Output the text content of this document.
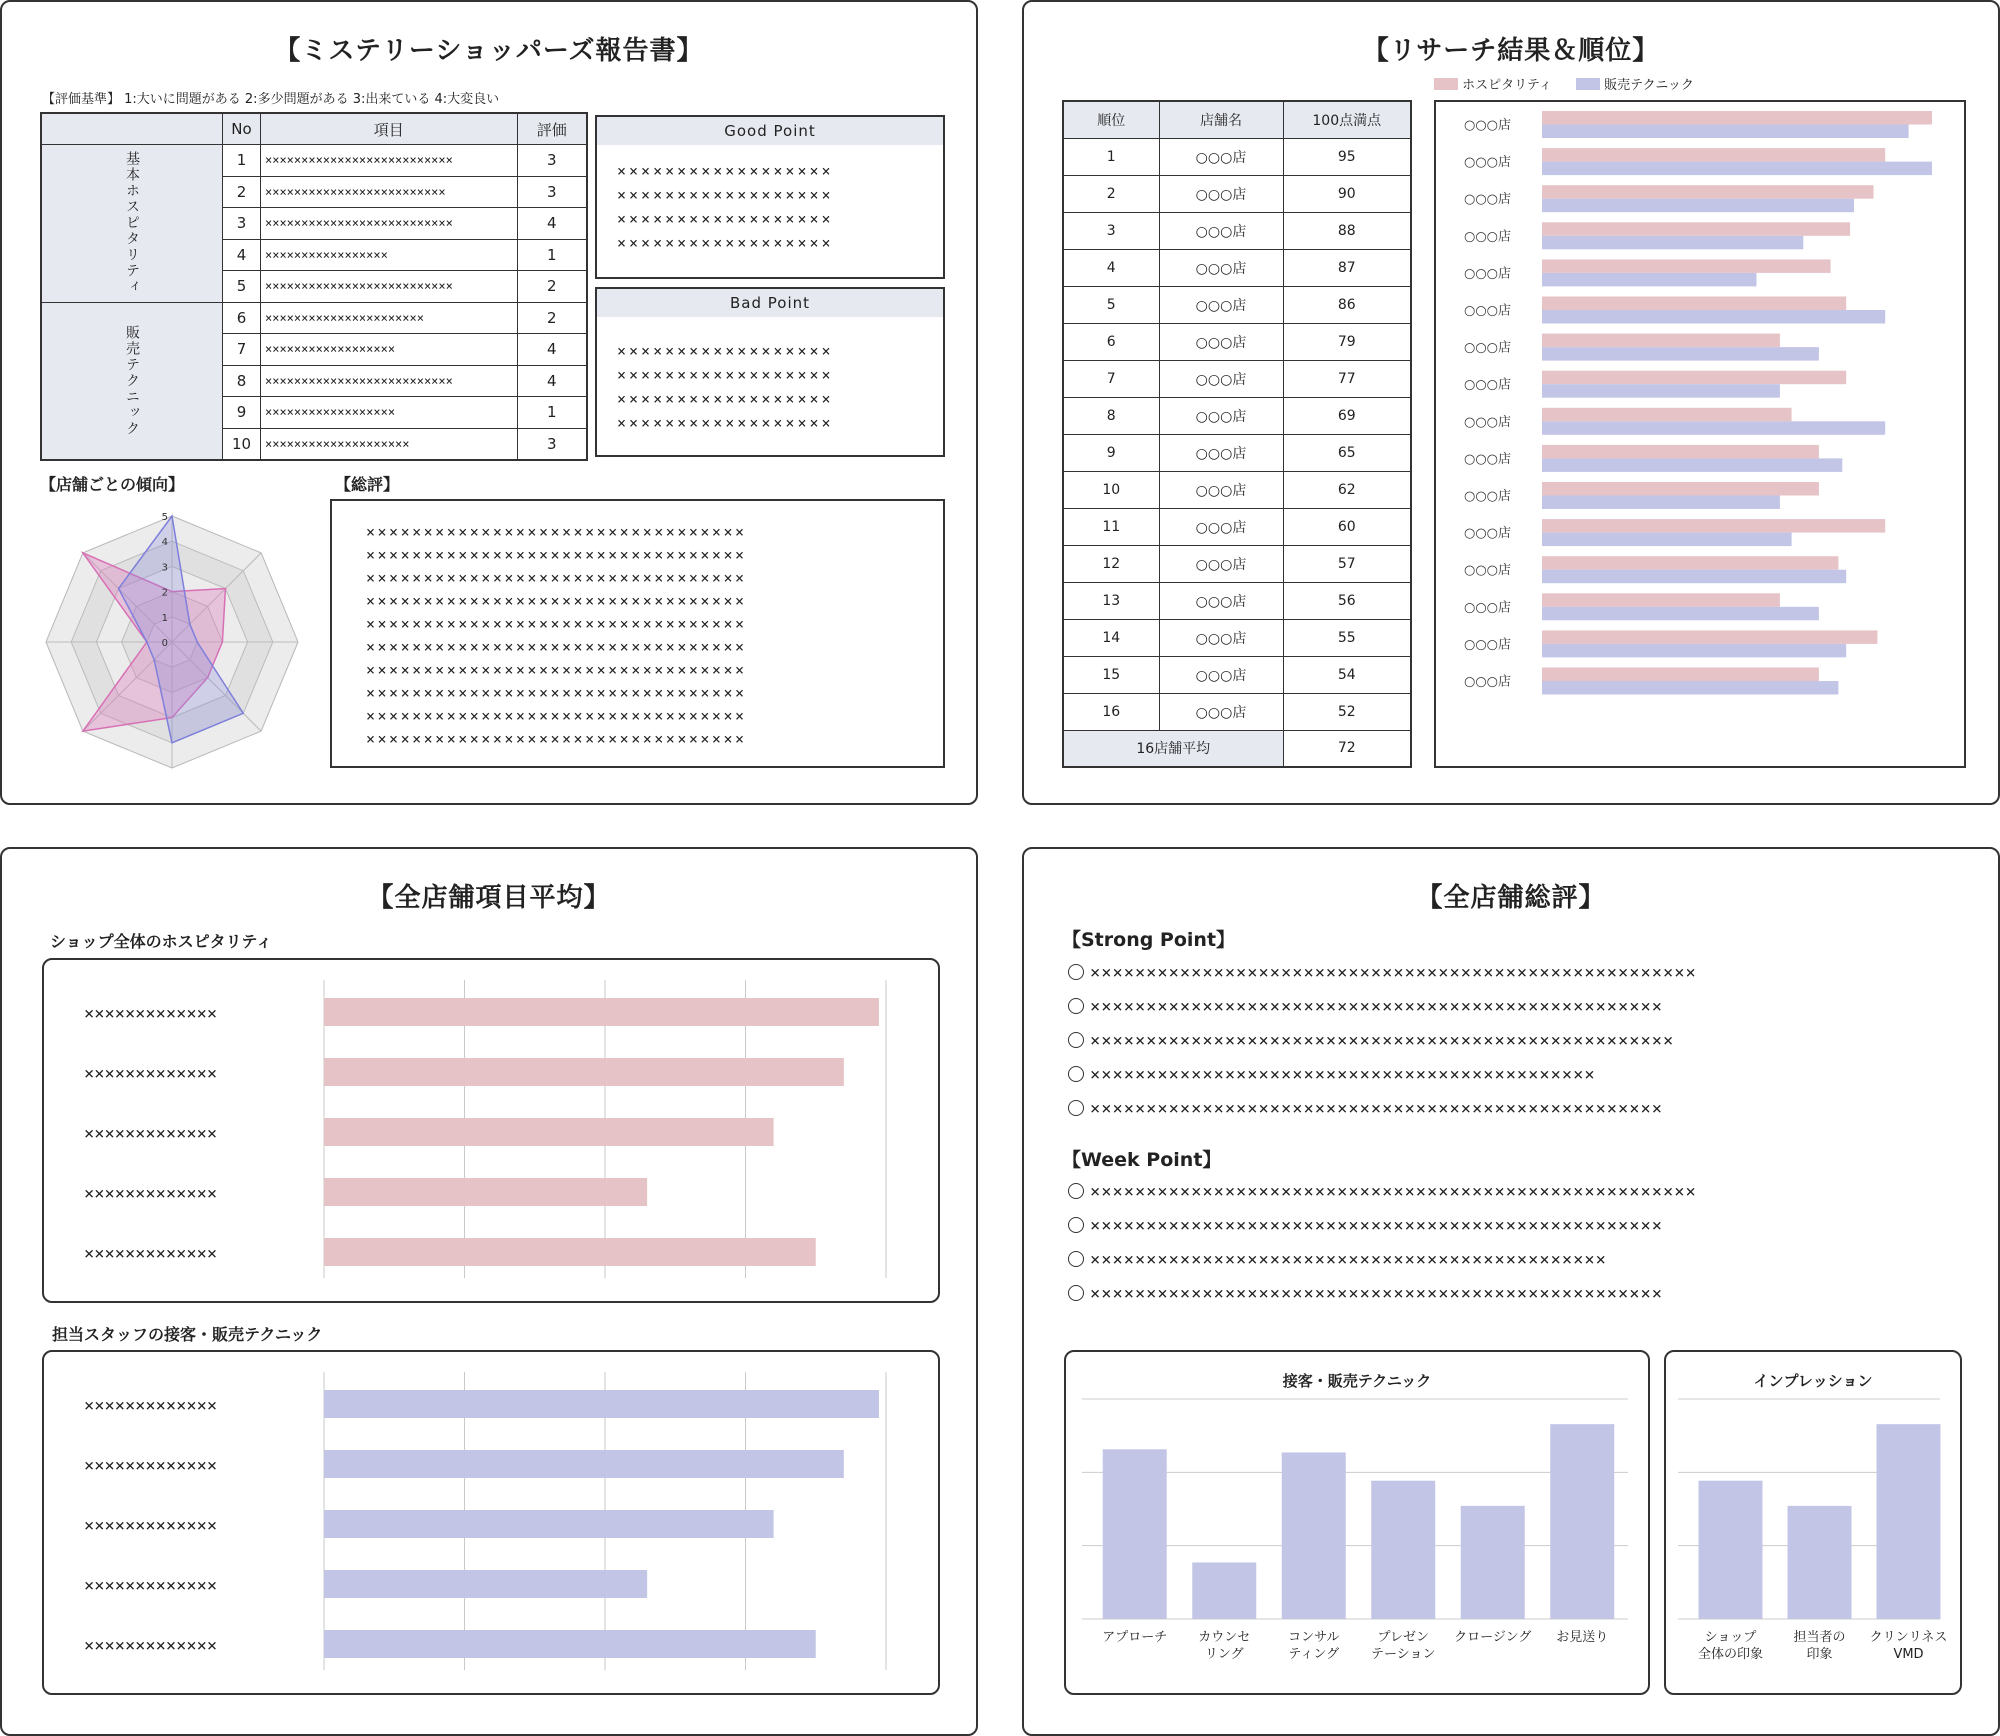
【ミステリーショッパーズ報告書】
【評価基準】 1:大いに問題がある 2:多少問題がある 3:出来ている 4:大変良い
	No	項目	評価
基本ホスピタリティ	1	××××××××××××××××××××××××××	3
	2	×××××××××××××××××××××××××	3
	3	××××××××××××××××××××××××××	4
	4	×××××××××××××××××	1
	5	××××××××××××××××××××××××××	2
販売テクニック	6	××××××××××××××××××××××	2
	7	××××××××××××××××××	4
	8	××××××××××××××××××××××××××	4
	9	××××××××××××××××××	1
	10	××××××××××××××××××××	3
Good Point
××××××××××××××××××
××××××××××××××××××
××××××××××××××××××
××××××××××××××××××
Bad Point
××××××××××××××××××
××××××××××××××××××
××××××××××××××××××
××××××××××××××××××
【店舗ごとの傾向】
0
1
2
3
4
5
【総評】
×××××××××××××××××××××××××××××××××
×××××××××××××××××××××××××××××××××
×××××××××××××××××××××××××××××××××
×××××××××××××××××××××××××××××××××
×××××××××××××××××××××××××××××××××
×××××××××××××××××××××××××××××××××
×××××××××××××××××××××××××××××××××
×××××××××××××××××××××××××××××××××
×××××××××××××××××××××××××××××××××
×××××××××××××××××××××××××××××××××
【リサーチ結果＆順位】
ホスピタリティ	販売テクニック
順位	店舗名	100点満点
1	○○○店	95
2	○○○店	90
3	○○○店	88
4	○○○店	87
5	○○○店	86
6	○○○店	79
7	○○○店	77
8	○○○店	69
9	○○○店	65
10	○○○店	62
11	○○○店	60
12	○○○店	57
13	○○○店	56
14	○○○店	55
15	○○○店	54
16	○○○店	52
16店舗平均		72
○○○店
○○○店
○○○店
○○○店
○○○店
○○○店
○○○店
○○○店
○○○店
○○○店
○○○店
○○○店
○○○店
○○○店
○○○店
○○○店
【全店舗項目平均】
ショップ全体のホスピタリティ
×××××××××××××
×××××××××××××
×××××××××××××
×××××××××××××
×××××××××××××
担当スタッフの接客・販売テクニック
×××××××××××××
×××××××××××××
×××××××××××××
×××××××××××××
×××××××××××××
【全店舗総評】
【Strong Point】
××××××××××××××××××××××××××××××××××××××××××××××××××××××
×××××××××××××××××××××××××××××××××××××××××××××××××××
××××××××××××××××××××××××××××××××××××××××××××××××××××
×××××××××××××××××××××××××××××××××××××××××××××
×××××××××××××××××××××××××××××××××××××××××××××××××××
【Week Point】
××××××××××××××××××××××××××××××××××××××××××××××××××××××
×××××××××××××××××××××××××××××××××××××××××××××××××××
××××××××××××××××××××××××××××××××××××××××××××××
×××××××××××××××××××××××××××××××××××××××××××××××××××
接客・販売テクニック
アプローチ カウンセリング
コンサルティング
プレゼンテーション
クロージング お見送り
インプレッション
ショップ全体の印象
担当者の印象
クリンリネス VMD
